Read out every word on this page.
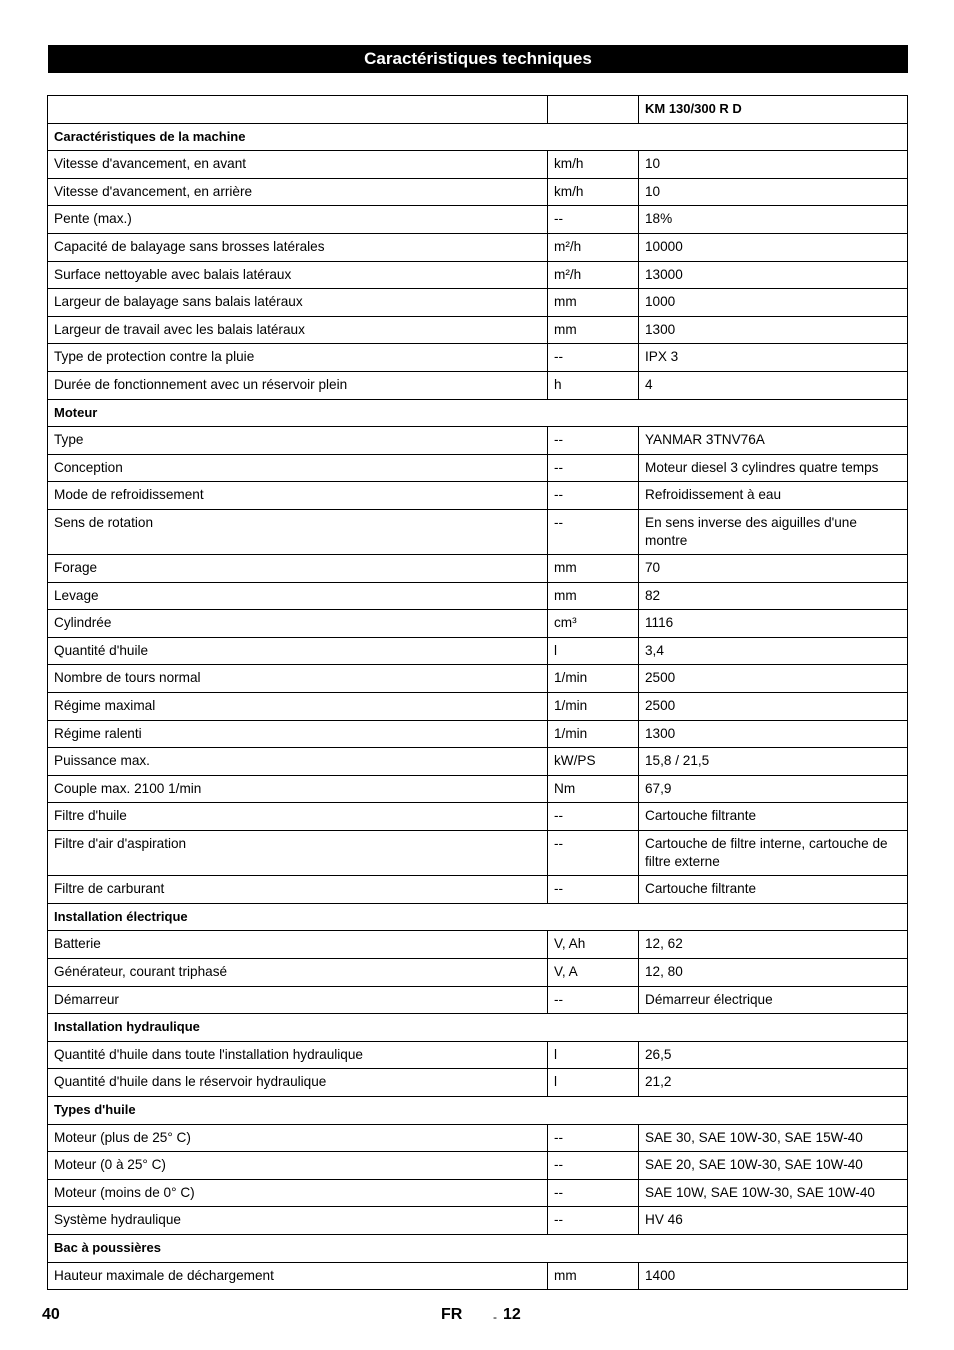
Caractéristiques techniques
		KM 130/300 R D
Caractéristiques de la machine		
Vitesse d'avancement, en avant	km/h	10
Vitesse d'avancement, en arrière	km/h	10
Pente (max.)	--	18%
Capacité de balayage sans brosses latérales	m²/h	10000
Surface nettoyable avec balais latéraux	m²/h	13000
Largeur de balayage sans balais latéraux	mm	1000
Largeur de travail avec les balais latéraux	mm	1300
Type de protection contre la pluie	--	IPX 3
Durée de fonctionnement avec un réservoir plein	h	4
Moteur		
Type	--	YANMAR 3TNV76A
Conception	--	Moteur diesel 3 cylindres quatre temps
Mode de refroidissement	--	Refroidissement à eau
Sens de rotation	--	En sens inverse des aiguilles d'une montre
Forage	mm	70
Levage	mm	82
Cylindrée	cm³	1116
Quantité d'huile	l	3,4
Nombre de tours normal	1/min	2500
Régime maximal	1/min	2500
Régime ralenti	1/min	1300
Puissance max.	kW/PS	15,8 / 21,5
Couple max. 2100 1/min	Nm	67,9
Filtre d'huile	--	Cartouche filtrante
Filtre d'air d'aspiration	--	Cartouche de filtre interne, cartouche de filtre externe
Filtre de carburant	--	Cartouche filtrante
Installation électrique		
Batterie	V, Ah	12, 62
Générateur, courant triphasé	V, A	12, 80
Démarreur	--	Démarreur électrique
Installation hydraulique		
Quantité d'huile dans toute l'installation hydraulique	l	26,5
Quantité d'huile dans le réservoir hydraulique	l	21,2
Types d'huile		
Moteur (plus de 25° C)	--	SAE 30, SAE 10W-30, SAE 15W-40
Moteur (0 à 25° C)	--	SAE 20, SAE 10W-30, SAE 10W-40
Moteur (moins de 0° C)	--	SAE 10W, SAE 10W-30, SAE 10W-40
Système hydraulique	--	HV 46
Bac à poussières		
Hauteur maximale de déchargement	mm	1400
40	FR	- 12
